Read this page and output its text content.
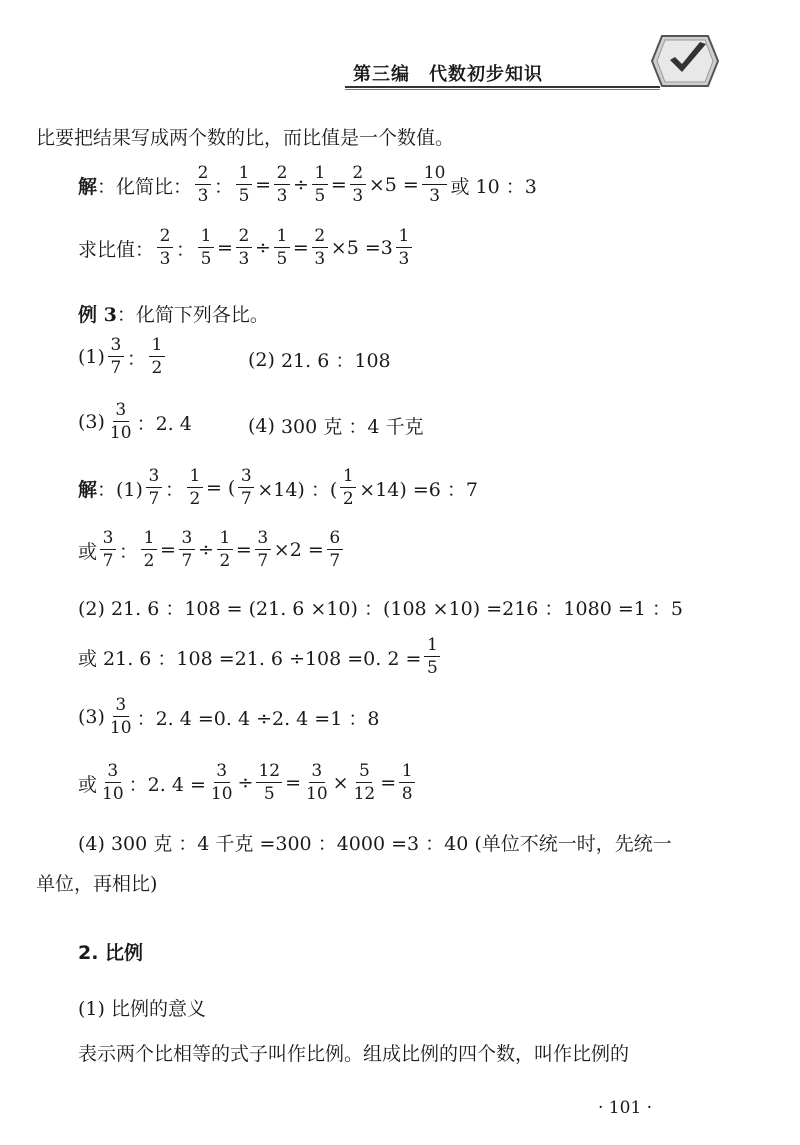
第三编　代数初步知识
比要把结果写成两个数的比，而比值是一个数值。
解 ： 化简比： $\frac{2}{3}$ ： $\frac{1}{5} = \frac{2}{3} \div \frac{1}{5} = \frac{2}{3} \times 5 = \frac{10}{3}$ 或 10 ：3
求比值： $\frac{2}{3}$ ： $\frac{1}{5} = \frac{2}{3} \div \frac{1}{5} = \frac{2}{3} \times 5 = 3 \frac{1}{3}$
例 3 ：化简下列各比。
$(1) \frac{3}{7}$ ： $\frac{1}{2}$	(2)
21. 6 ：108
$(3) \frac{3}{10}$ ：2. 4	(4)
300 克 ：4 千克
解 ：$(1) \frac{3}{7}$ ： $\frac{1}{2}$ = ( $\frac{3}{7} \times 14$) ：( $\frac{1}{2} \times 14) =6$ ：7
或 $\frac{3}{7}$ ： $\frac{1}{2} = \frac{3}{7} \div \frac{1}{2} = \frac{3}{7} \times 2 = \frac{6}{7}$
(2) 21. 6 ：108 = (21. 6 ×10) ：(108 ×10) =216 ：1080 =1 ：5
或 21. 6 ：108 =21. 6 ÷108 =0. $2 = \frac{1}{5}$
$(3) \frac{3}{10}$ ：2. 4 =0. 4 ÷2. 4 =1 ：8
或 $\frac{3}{10}$ ：2. $4 = \frac{3}{10} \div \frac{12}{5} = \frac{3}{10} \times \frac{5}{12} = \frac{1}{8}$
(4) 300 克 ：4 千克 =300 ：4000 =3 ：40 (单位不统一时，先统一
单位，再相比)
2. 比例
(1) 比例的意义
表示两个比相等的式子叫作比例。组成比例的四个数，叫作比例的
· 101 ·
